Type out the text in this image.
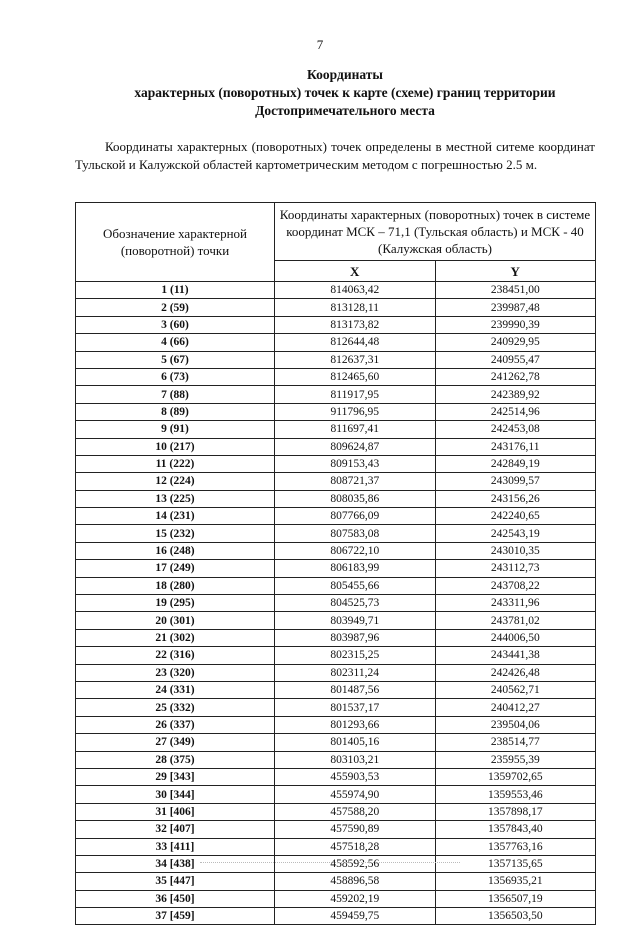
7
Координаты
характерных (поворотных) точек к карте (схеме) границ территории
Достопримечательного места

Координаты характерных (поворотных) точек определены в местной ситеме координат Тульской и Калужской областей картометрическим методом с погрешностью 2.5 м.

Обозначение характерной (поворотной) точки	Координаты характерных (поворотных) точек в системе координат МСК – 71,1 (Тульская область) и МСК - 40 (Калужская область)	
	X	Y
1 (11)	814063,42	238451,00
2 (59)	813128,11	239987,48
3 (60)	813173,82	239990,39
4 (66)	812644,48	240929,95
5 (67)	812637,31	240955,47
6 (73)	812465,60	241262,78
7 (88)	811917,95	242389,92
8 (89)	911796,95	242514,96
9 (91)	811697,41	242453,08
10 (217)	809624,87	243176,11
11 (222)	809153,43	242849,19
12 (224)	808721,37	243099,57
13 (225)	808035,86	243156,26
14 (231)	807766,09	242240,65
15 (232)	807583,08	242543,19
16 (248)	806722,10	243010,35
17 (249)	806183,99	243112,73
18 (280)	805455,66	243708,22
19 (295)	804525,73	243311,96
20 (301)	803949,71	243781,02
21 (302)	803987,96	244006,50
22 (316)	802315,25	243441,38
23 (320)	802311,24	242426,48
24 (331)	801487,56	240562,71
25 (332)	801537,17	240412,27
26 (337)	801293,66	239504,06
27 (349)	801405,16	238514,77
28 (375)	803103,21	235955,39
29 [343]	455903,53	1359702,65
30 [344]	455974,90	1359553,46
31 [406]	457588,20	1357898,17
32 [407]	457590,89	1357843,40
33 [411]	457518,28	1357763,16
34 [438]	458592,56	1357135,65
35 [447]	458896,58	1356935,21
36 [450]	459202,19	1356507,19
37 [459]	459459,75	1356503,50
